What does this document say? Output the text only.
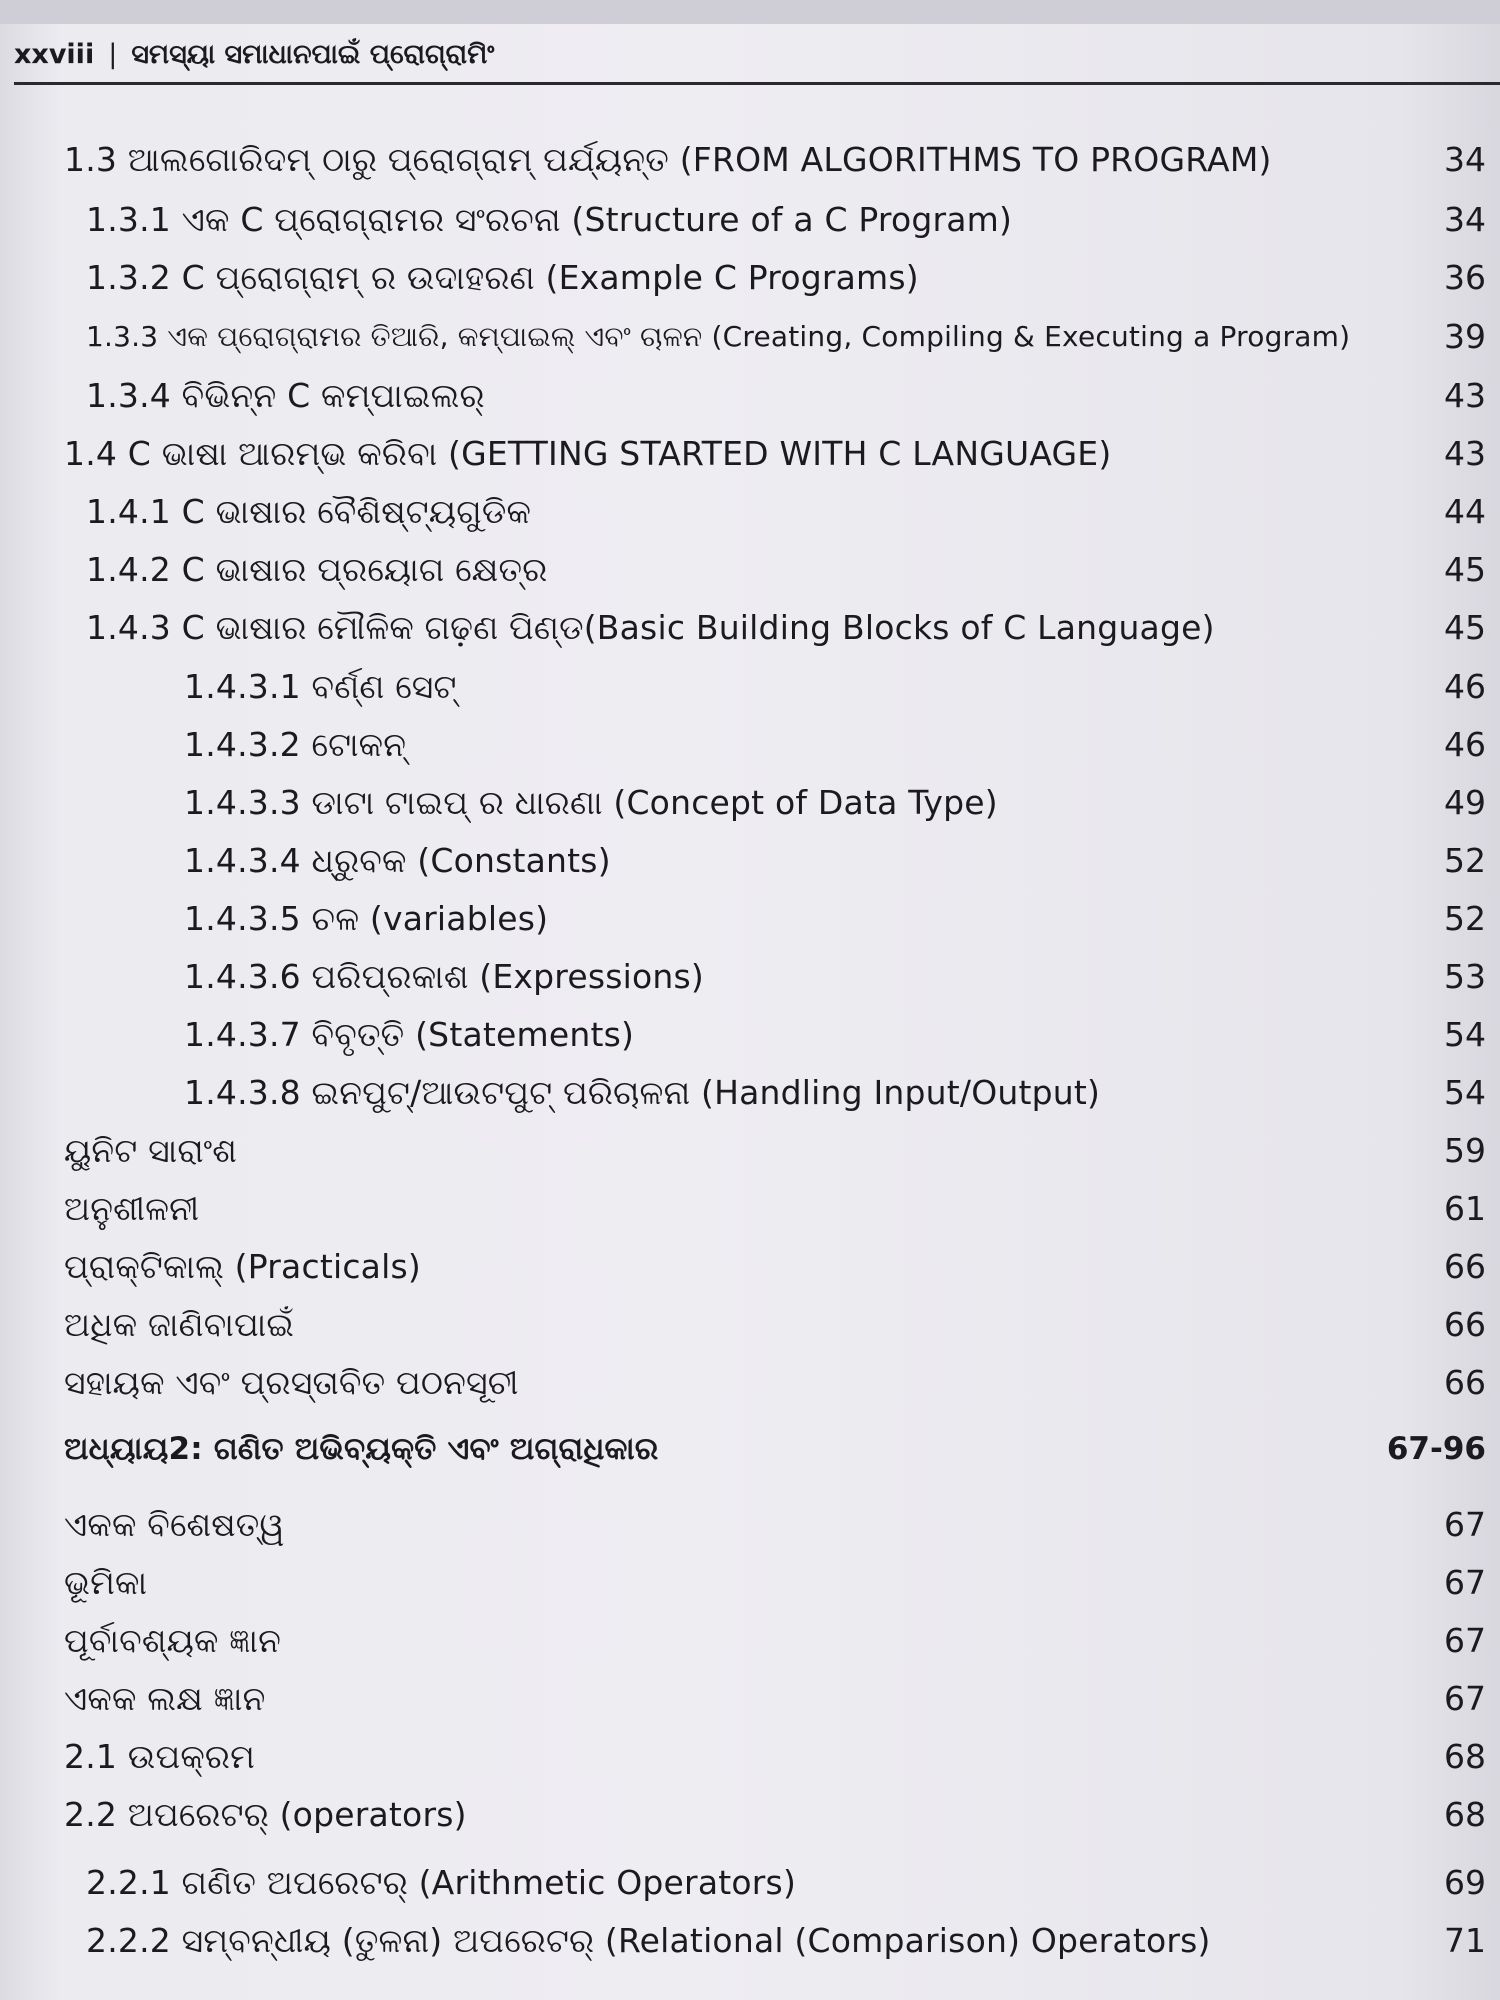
xxviii | ସମସ୍ୟା ସମାଧାନପାଇଁ ପ୍ରୋଗ୍ରାମିଂ
1.3 ଆଲଗୋରିଦମ୍ ଠାରୁ ପ୍ରୋଗ୍ରାମ୍ ପର୍ଯ୍ୟନ୍ତ (FROM ALGORITHMS TO PROGRAM)	34
1.3.1 ଏକ C ପ୍ରୋଗ୍ରାମର ସଂରଚନା (Structure of a C Program)	34
1.3.2 C ପ୍ରୋଗ୍ରାମ୍ ର ଉଦାହରଣ (Example C Programs)	36
1.3.3 ଏକ ପ୍ରୋଗ୍ରାମର ତିଆରି, କମ୍ପାଇଲ୍ ଏବଂ ଚାଳନ (Creating, Compiling & Executing a Program)	39
1.3.4 ବିଭିନ୍ନ C କମ୍ପାଇଲର୍	43
1.4 C ଭାଷା ଆରମ୍ଭ କରିବା (GETTING STARTED WITH C LANGUAGE)	43
1.4.1 C ଭାଷାର ବୈଶିଷ୍ଟ୍ୟଗୁଡିକ	44
1.4.2 C ଭାଷାର ପ୍ରୟୋଗ କ୍ଷେତ୍ର	45
1.4.3 C ଭାଷାର ମୌଳିକ ଗଢ଼ଣ ପିଣ୍ଡ(Basic Building Blocks of C Language)	45
1.4.3.1 ବର୍ଣ୍ଣ ସେଟ୍	46
1.4.3.2 ଟୋକନ୍	46
1.4.3.3 ଡାଟା ଟାଇପ୍ ର ଧାରଣା (Concept of Data Type)	49
1.4.3.4 ଧ୍ରୁବକ (Constants)	52
1.4.3.5 ଚଳ (variables)	52
1.4.3.6 ପରିପ୍ରକାଶ (Expressions)	53
1.4.3.7 ବିବୃତ୍ତି (Statements)	54
1.4.3.8 ଇନପୁଟ୍/ଆଉଟପୁଟ୍ ପରିଚାଳନା (Handling Input/Output)	54
ୟୁନିଟ ସାରାଂଶ	59
ଅନୁଶୀଳନୀ	61
ପ୍ରାକ୍ଟିକାଲ୍ (Practicals)	66
ଅଧିକ ଜାଣିବାପାଇଁ	66
ସହାୟକ ଏବଂ ପ୍ରସ୍ତାବିତ ପଠନସୂଚୀ	66
ଅଧ୍ୟାୟ2: ଗଣିତ ଅଭିବ୍ୟକ୍ତି ଏବଂ ଅଗ୍ରାଧିକାର	67-96
ଏକକ ବିଶେଷତ୍ୱ	67
ଭୂମିକା	67
ପୂର୍ବାବଶ୍ୟକ ଜ୍ଞାନ	67
ଏକକ ଲକ୍ଷ ଜ୍ଞାନ	67
2.1 ଉପକ୍ରମ	68
2.2 ଅପରେଟର୍ (operators)	68
2.2.1 ଗଣିତ ଅପରେଟର୍ (Arithmetic Operators)	69
2.2.2 ସମ୍ବନ୍ଧୀୟ (ତୁଳନା) ଅପରେଟର୍ (Relational (Comparison) Operators)	71
